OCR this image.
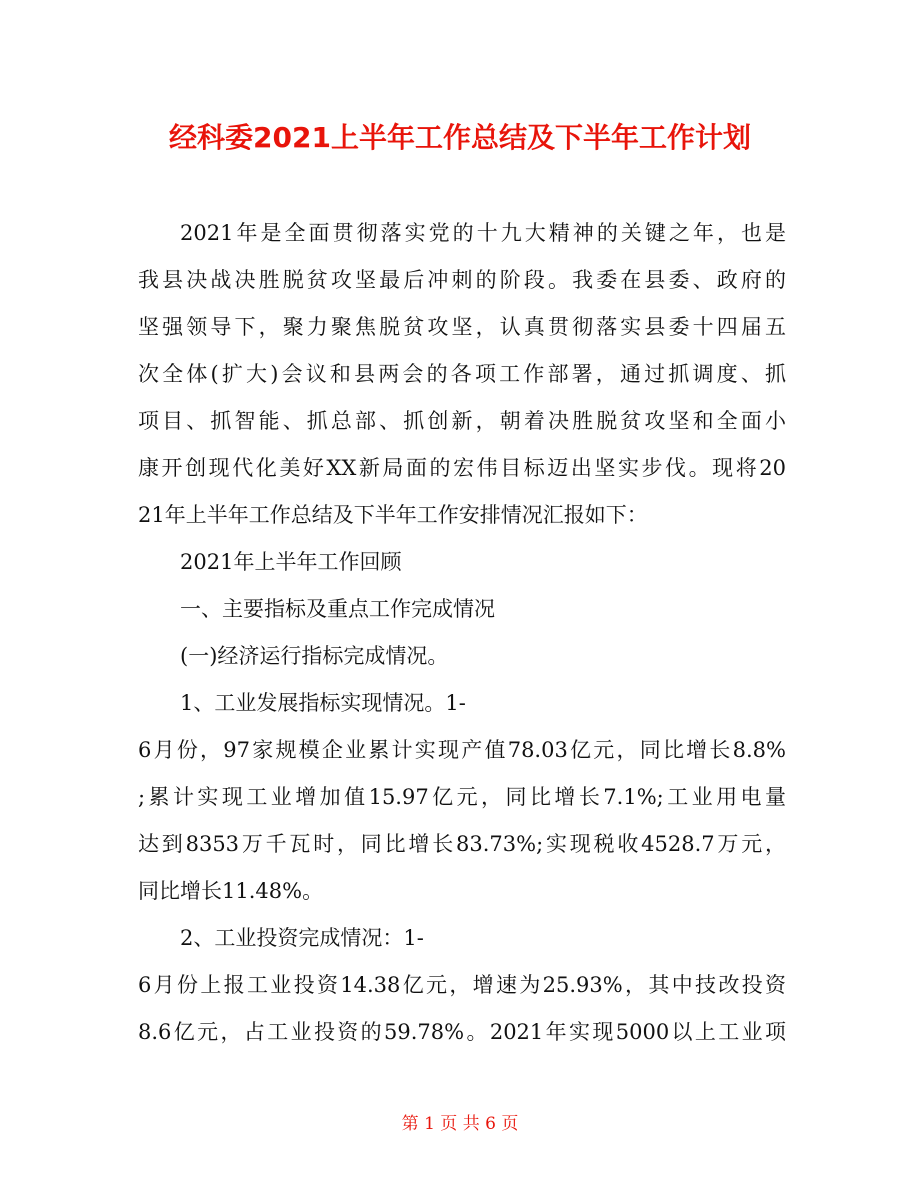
经科委2021上半年工作总结及下半年工作计划
2021年是全面贯彻落实党的十九大精神的关键之年，也是
我县决战决胜脱贫攻坚最后冲刺的阶段。我委在县委、政府的
坚强领导下，聚力聚焦脱贫攻坚，认真贯彻落实县委十四届五
次全体(扩大)会议和县两会的各项工作部署，通过抓调度、抓
项目、抓智能、抓总部、抓创新，朝着决胜脱贫攻坚和全面小
康开创现代化美好XX新局面的宏伟目标迈出坚实步伐。现将20
21年上半年工作总结及下半年工作安排情况汇报如下：
2021年上半年工作回顾
一、主要指标及重点工作完成情况
(一)经济运行指标完成情况。
1、工业发展指标实现情况。1-
6月份，97家规模企业累计实现产值78.03亿元，同比增长8.8%
;累计实现工业增加值15.97亿元，同比增长7.1%;工业用电量
达到8353万千瓦时，同比增长83.73%;实现税收4528.7万元，
同比增长11.48%。
2、工业投资完成情况：1-
6月份上报工业投资14.38亿元，增速为25.93%，其中技改投资
8.6亿元，占工业投资的59.78%。2021年实现5000以上工业项
第 1 页 共 6 页
